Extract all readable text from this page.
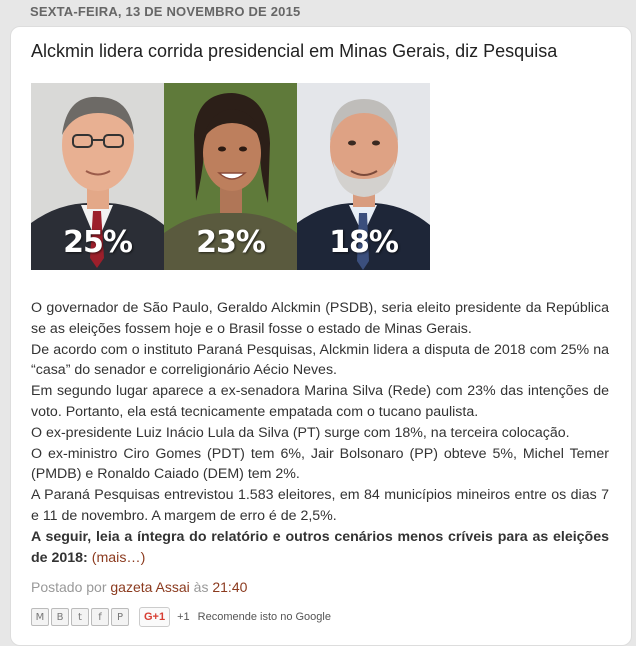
SEXTA-FEIRA, 13 DE NOVEMBRO DE 2015
Alckmin lidera corrida presidencial em Minas Gerais, diz Pesquisa
25%	23%	18%

O governador de São Paulo, Geraldo Alckmin (PSDB), seria eleito presidente da República se as eleições fossem hoje e o Brasil fosse o estado de Minas Gerais.

De acordo com o instituto Paraná Pesquisas, Alckmin lidera a disputa de 2018 com 25% na “casa” do senador e correligionário Aécio Neves.

Em segundo lugar aparece a ex-senadora Marina Silva (Rede) com 23% das intenções de voto. Portanto, ela está tecnicamente empatada com o tucano paulista.

O ex-presidente Luiz Inácio Lula da Silva (PT) surge com 18%, na terceira colocação.

O ex-ministro Ciro Gomes (PDT) tem 6%, Jair Bolsonaro (PP) obteve 5%, Michel Temer (PMDB) e Ronaldo Caiado (DEM) tem 2%.

A Paraná Pesquisas entrevistou 1.583 eleitores, em 84 municípios mineiros entre os dias 7 e 11 de novembro. A margem de erro é de 2,5%.

A seguir, leia a íntegra do relatório e outros cenários menos críveis para as eleições de 2018: (mais…)

Postado por gazeta Assai às 21:40
M	B	t	f	P	G+1	+1 Recomende isto no Google
